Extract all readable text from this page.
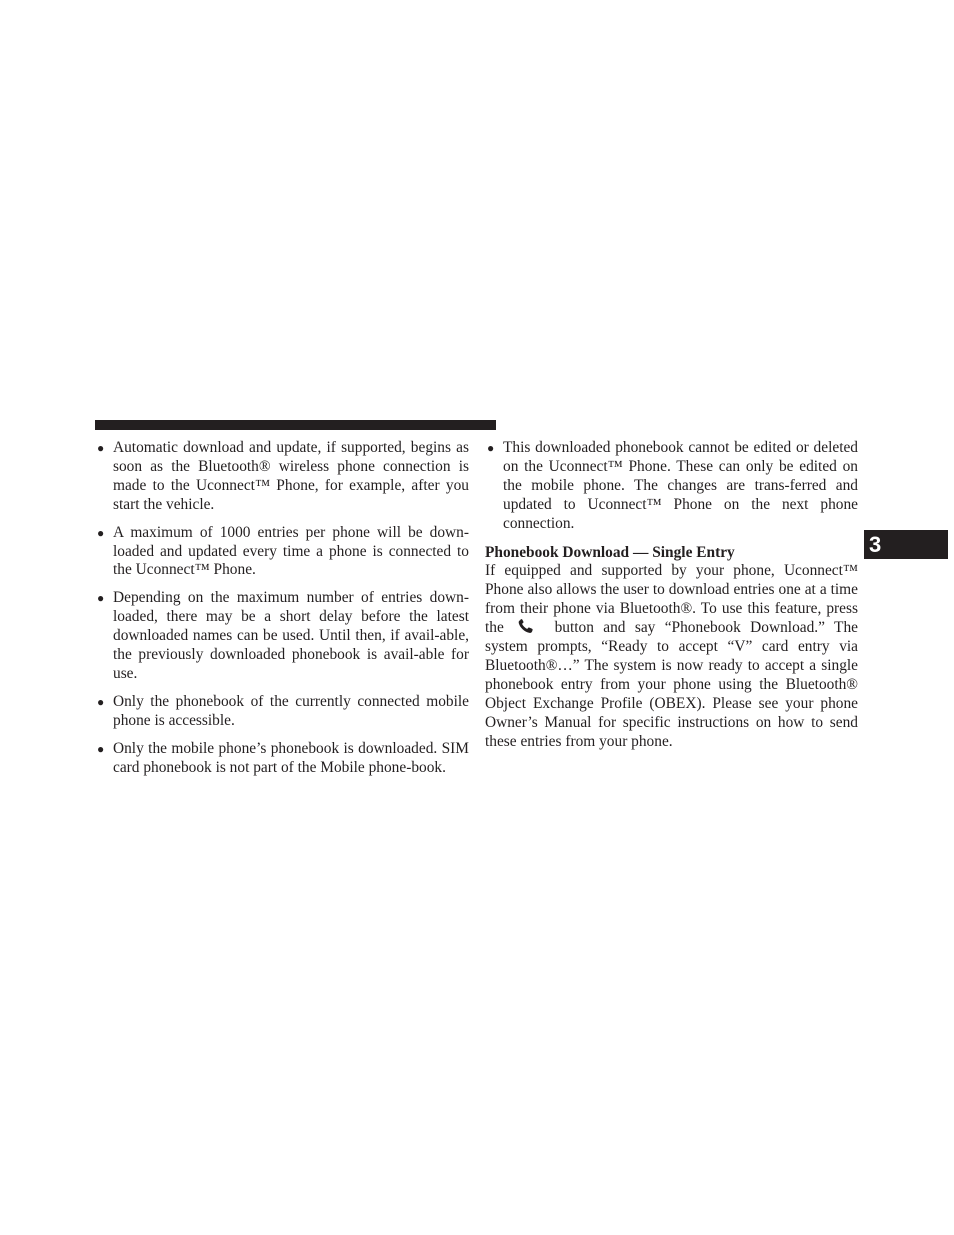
● Automatic download and update, if supported, begins as soon as the Bluetooth® wireless phone connection is made to the Uconnect™ Phone, for example, after you start the vehicle.
● A maximum of 1000 entries per phone will be down-loaded and updated every time a phone is connected to the Uconnect™ Phone.
● Depending on the maximum number of entries down-loaded, there may be a short delay before the latest downloaded names can be used. Until then, if avail-able, the previously downloaded phonebook is avail-able for use.
● Only the phonebook of the currently connected mobile phone is accessible.
● Only the mobile phone’s phonebook is downloaded. SIM card phonebook is not part of the Mobile phone-book.
● This downloaded phonebook cannot be edited or deleted on the Uconnect™ Phone. These can only be edited on the mobile phone. The changes are trans-ferred and updated to Uconnect™ Phone on the next phone connection.
Phonebook Download — Single Entry
If equipped and supported by your phone, Uconnect™ Phone also allows the user to download entries one at a time from their phone via Bluetooth®. To use this feature, press the	button and say “Phonebook Download.” The system prompts, “Ready to accept “V” card entry via Bluetooth®…” The system is now ready to accept a single phonebook entry from your phone using the Bluetooth® Object Exchange Profile (OBEX). Please see your phone Owner’s Manual for specific instructions on how to send these entries from your phone.
3
